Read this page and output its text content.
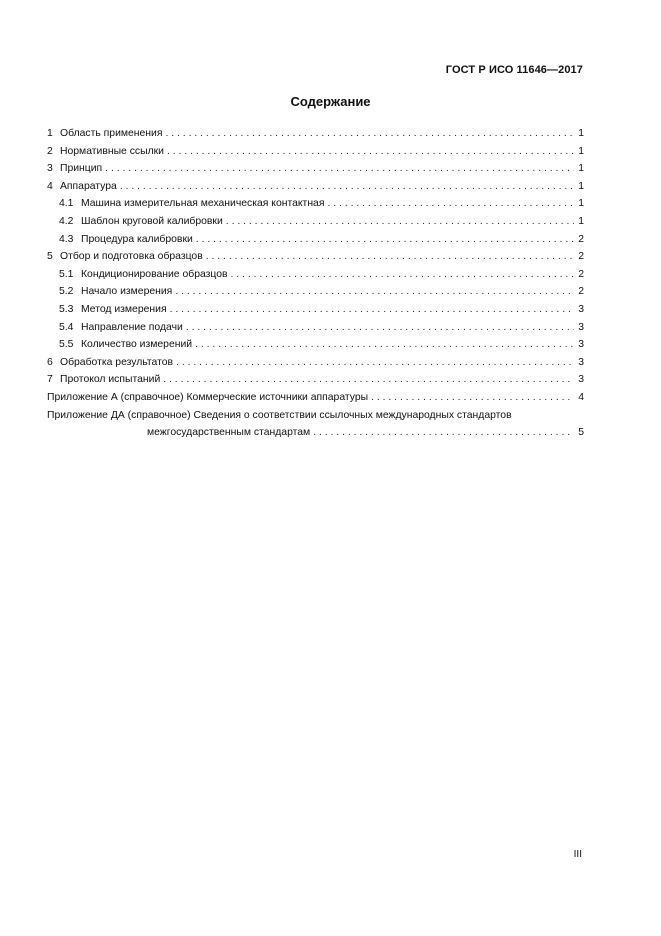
ГОСТ Р ИСО 11646—2017
Содержание
1 Область применения . . .	1
2 Нормативные ссылки . . .	1
3 Принцип . . .	1
4 Аппаратура . . .	1
4.1 Машина измерительная механическая контактная . . .	1
4.2 Шаблон круговой калибровки . . .	1
4.3 Процедура калибровки . . .	2
5 Отбор и подготовка образцов . . .	2
5.1 Кондиционирование образцов . . .	2
5.2 Начало измерения . . .	2
5.3 Метод измерения . . .	3
5.4 Направление подачи . . .	3
5.5 Количество измерений . . .	3
6 Обработка результатов . . .	3
7 Протокол испытаний . . .	3
Приложение А (справочное) Коммерческие источники аппаратуры . . .	4
Приложение ДА (справочное) Сведения о соответствии ссылочных международных стандартов
межгосударственным стандартам . . .	5
III
